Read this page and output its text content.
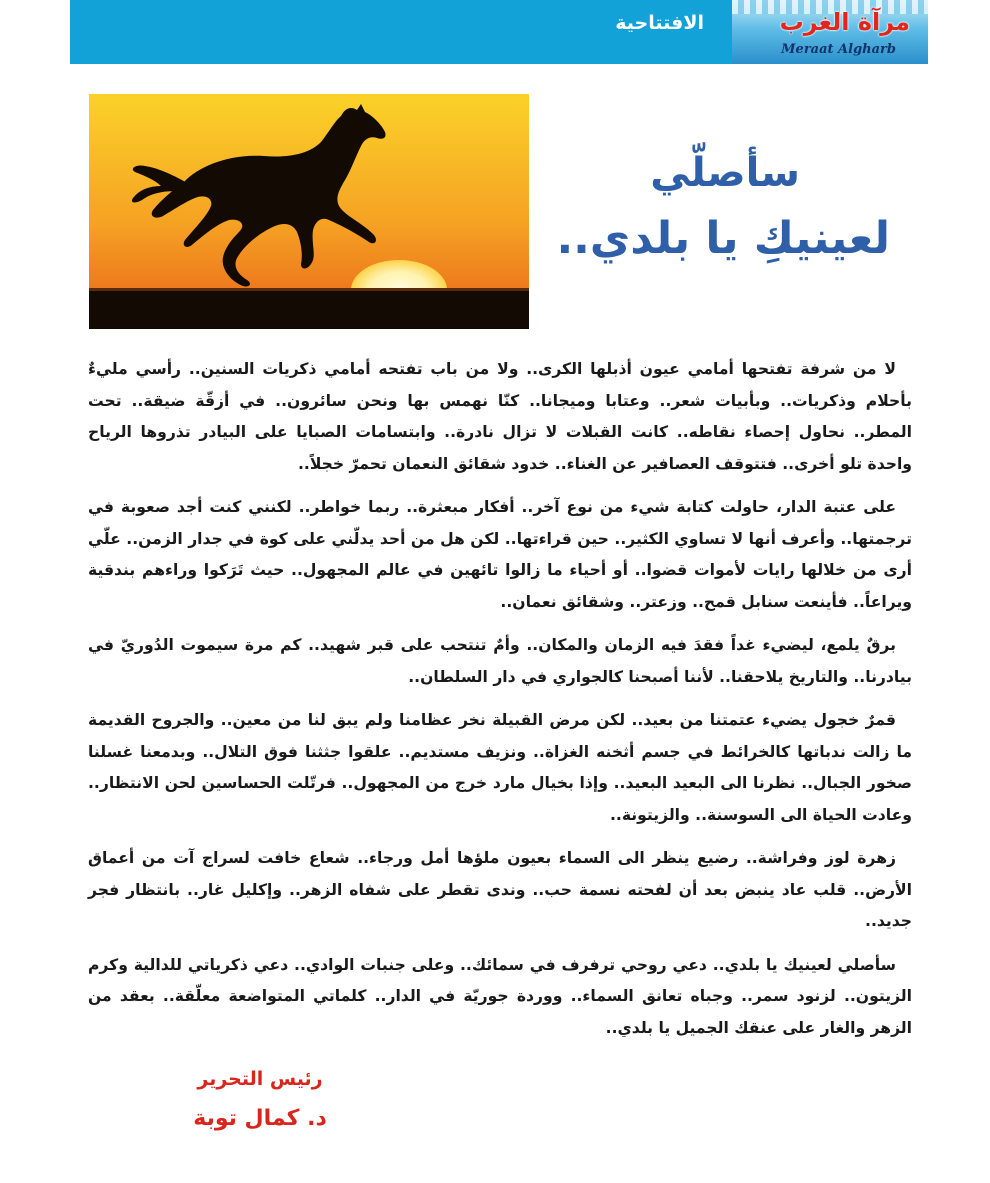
الافتتاحية	مرآة الغرب
Meraat Algharb
سأصلّي
لعينيكِ يا بلدي..

لا من شرفة تفتحها أمامي عيون أذبلها الكرى.. ولا من باب تفتحه أمامي ذكريات السنين.. رأسي مليءٌ بأحلام وذكريات.. وبأبيات شعر.. وعتابا وميجانا.. كنّا نهمس بها ونحن سائرون.. في أزقّة ضيقة.. تحت المطر.. نحاول إحصاء نقاطه.. كانت القبلات لا تزال نادرة.. وابتسامات الصبايا على البيادر تذروها الرياح واحدة تلو أخرى.. فتتوقف العصافير عن الغناء.. خدود شقائق النعمان تحمرّ خجلاً..

على عتبة الدار، حاولت كتابة شيء من نوع آخر.. أفكار مبعثرة.. ربما خواطر.. لكنني كنت أجد صعوبة في ترجمتها.. وأعرف أنها لا تساوي الكثير.. حين قراءتها.. لكن هل من أحد يدلّني على كوة في جدار الزمن.. علّي أرى من خلالها رايات لأموات قضوا.. أو أحياء ما زالوا تائهين في عالم المجهول.. حيث تَرَكوا وراءهم بندقية ويراعاً.. فأينعت سنابل قمح.. وزعتر.. وشقائق نعمان..

برقٌ يلمع، ليضيء غداً فقدَ فيه الزمان والمكان.. وأمٌ تنتحب على قبر شهيد.. كم مرة سيموت الدُوريّ في بيادرنا.. والتاريخ يلاحقنا.. لأننا أصبحنا كالجواري في دار السلطان..

قمرٌ خجول يضيء عتمتنا من بعيد.. لكن مرض القبيلة نخر عظامنا ولم يبق لنا من معين.. والجروح القديمة ما زالت ندباتها كالخرائط في جسم أثخنه الغزاة.. ونزيف مستديم.. علقوا جثثنا فوق التلال.. وبدمعنا غسلنا صخور الجبال.. نظرنا الى البعيد البعيد.. وإذا بخيال مارد خرج من المجهول.. فرتّلت الحساسين لحن الانتظار.. وعادت الحياة الى السوسنة.. والزيتونة..

زهرة لوز وفراشة.. رضيع ينظر الى السماء بعيون ملؤها أمل ورجاء.. شعاع خافت لسراج آت من أعماق الأرض.. قلب عاد ينبض بعد أن لفحته نسمة حب.. وندى تقطر على شفاه الزهر.. وإكليل غار.. بانتظار فجر جديد..

سأصلي لعينيك يا بلدي.. دعي روحي ترفرف في سمائك.. وعلى جنبات الوادي.. دعي ذكرياتي للدالية وكرم الزيتون.. لزنود سمر.. وجباه تعانق السماء.. ووردة جوريّة في الدار.. كلماتي المتواضعة معلّقة.. بعقد من الزهر والغار على عنقك الجميل يا بلدي..

رئيس التحرير
د. كمال توبة
